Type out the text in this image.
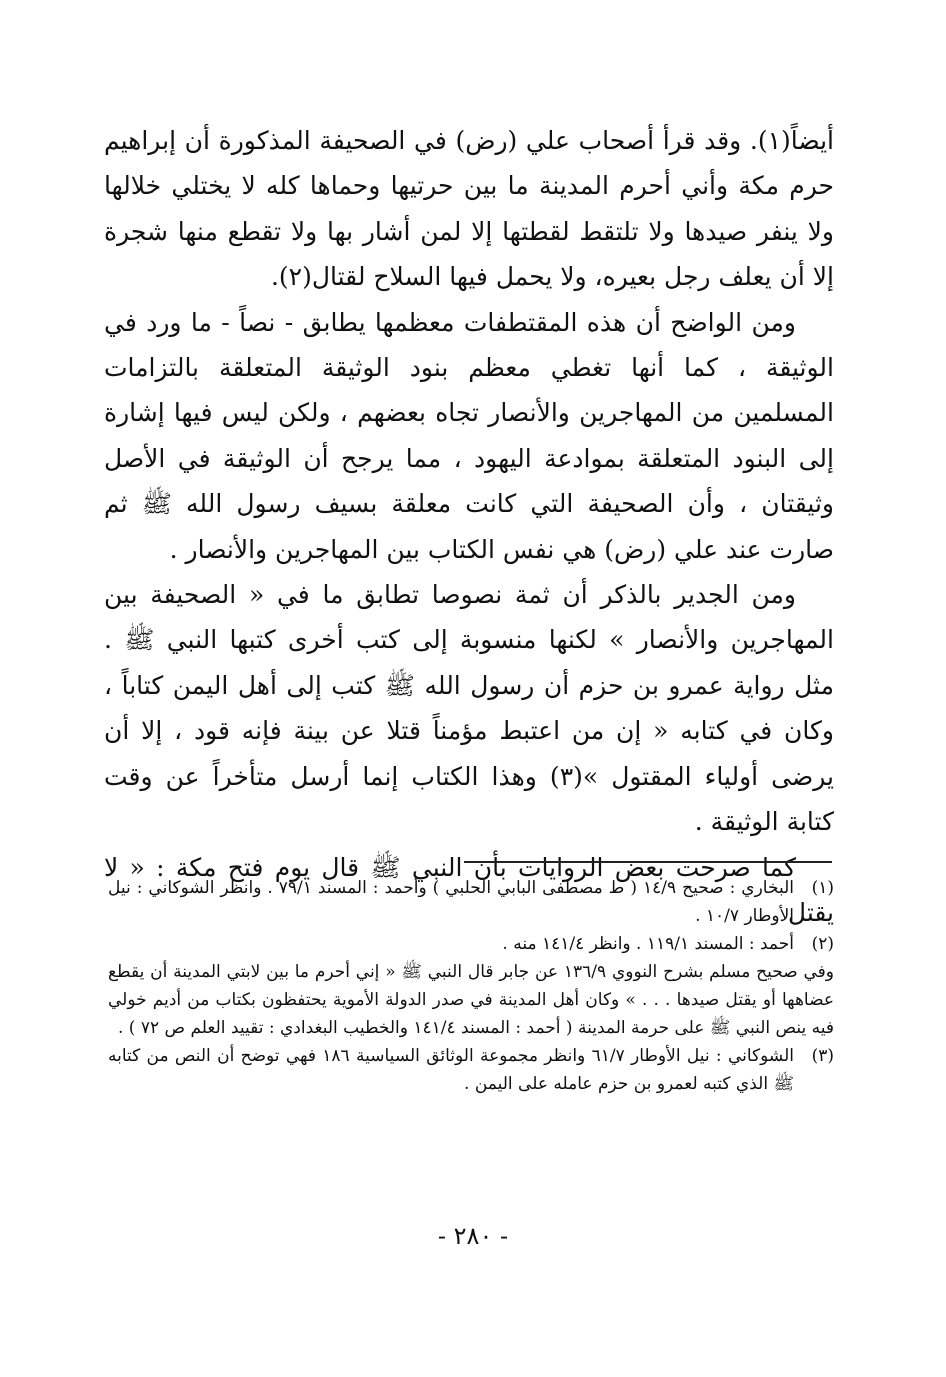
أيضاً(١). وقد قرأ أصحاب علي (رض) في الصحيفة المذكورة أن إبراهيم حرم مكة وأني أحرم المدينة ما بين حرتيها وحماها كله لا يختلي خلالها ولا ينفر صيدها ولا تلتقط لقطتها إلا لمن أشار بها ولا تقطع منها شجرة إلا أن يعلف رجل بعيره، ولا يحمل فيها السلاح لقتال(٢).

ومن الواضح أن هذه المقتطفات معظمها يطابق - نصاً - ما ورد في الوثيقة ، كما أنها تغطي معظم بنود الوثيقة المتعلقة بالتزامات المسلمين من المهاجرين والأنصار تجاه بعضهم ، ولكن ليس فيها إشارة إلى البنود المتعلقة بموادعة اليهود ، مما يرجح أن الوثيقة في الأصل وثيقتان ، وأن الصحيفة التي كانت معلقة بسيف رسول الله ﷺ ثم صارت عند علي (رض) هي نفس الكتاب بين المهاجرين والأنصار .

ومن الجدير بالذكر أن ثمة نصوصا تطابق ما في « الصحيفة بين المهاجرين والأنصار » لكنها منسوبة إلى كتب أخرى كتبها النبي ﷺ . مثل رواية عمرو بن حزم أن رسول الله ﷺ كتب إلى أهل اليمن كتاباً ، وكان في كتابه « إن من اعتبط مؤمناً قتلا عن بينة فإنه قود ، إلا أن يرضى أولياء المقتول »(٣) وهذا الكتاب إنما أرسل متأخراً عن وقت كتابة الوثيقة .

كما صرحت بعض الروايات بأن النبي ﷺ قال يوم فتح مكة : « لا يقتل

(١)
البخاري : صحيح ١٤/٩ ( ط مصطفى البابي الحلبي ) وأحمد : المسند ٧٩/١ . وانظر الشوكاني : نيل الأوطار ١٠/٧ .
(٢)
أحمد : المسند ١١٩/١ . وانظر ١٤١/٤ منه .

وفي صحيح مسلم بشرح النووي ١٣٦/٩ عن جابر قال النبي ﷺ « إني أحرم ما بين لابتي المدينة أن يقطع عضاهها أو يقتل صيدها . . . » وكان أهل المدينة في صدر الدولة الأموية يحتفظون بكتاب من أديم خولي فيه ينص النبي ﷺ على حرمة المدينة ( أحمد : المسند ١٤١/٤ والخطيب البغدادي : تقييد العلم ص ٧٢ ) .

(٣)
الشوكاني : نيل الأوطار ٦١/٧ وانظر مجموعة الوثائق السياسية ١٨٦ فهي توضح أن النص من كتابه ﷺ الذي كتبه لعمرو بن حزم عامله على اليمن .
- ٢٨٠ -
